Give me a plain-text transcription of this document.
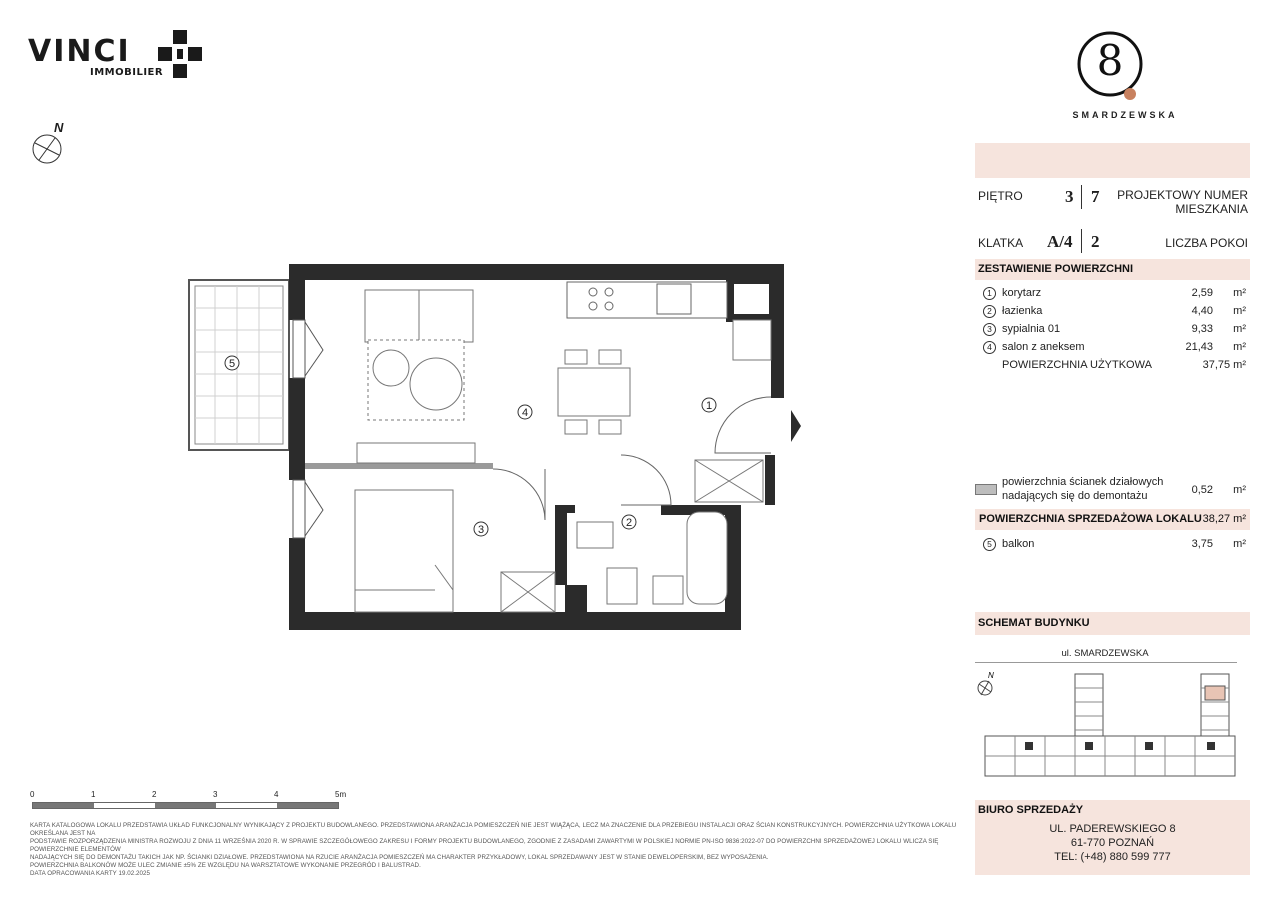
VINCI
IMMOBILIER	8
SMARDZEWSKA
N
1
2
3
4
5
0	1	2	3	4	5m
KARTA KATALOGOWA LOKALU PRZEDSTAWIA UKŁAD FUNKCJONALNY WYNIKAJĄCY Z PROJEKTU BUDOWLANEGO. PRZEDSTAWIONA ARANŻACJA POMIESZCZEŃ NIE JEST WIĄŻĄCA, LECZ MA ZNACZENIE DLA PRZEBIEGU INSTALACJI ORAZ ŚCIAN KONSTRUKCYJNYCH. POWIERZCHNIA UŻYTKOWA LOKALU OKREŚLANA JEST NA
PODSTAWIE ROZPORZĄDZENIA MINISTRA ROZWOJU Z DNIA 11 WRZEŚNIA 2020 R. W SPRAWIE SZCZEGÓŁOWEGO ZAKRESU I FORMY PROJEKTU BUDOWLANEGO, ZGODNIE Z ZASADAMI ZAWARTYMI W POLSKIEJ NORMIE PN-ISO 9836:2022-07 DO POWIERZCHNI SPRZEDAŻOWEJ LOKALU WLICZA SIĘ POWIERZCHNIE ELEMENTÓW
NADAJĄCYCH SIĘ DO DEMONTAŻU TAKICH JAK NP. ŚCIANKI DZIAŁOWE. PRZEDSTAWIONA NA RZUCIE ARANŻACJA POMIESZCZEŃ MA CHARAKTER PRZYKŁADOWY, LOKAL SPRZEDAWANY JEST W STANIE DEWELOPERSKIM, BEZ WYPOSAŻENIA.
POWIERZCHNIA BALKONÓW MOŻE ULEC ZMIANIE ±5% ZE WZGLĘDU NA WARSZTATOWE WYKONANIE PRZEGRÓD I BALUSTRAD.
DATA OPRACOWANIA KARTY 19.02.2025
PIĘTRO 3 7 PROJEKTOWY NUMER
MIESZKANIA
KLATKA A/4 2	LICZBA POKOI
ZESTAWIENIE POWIERZCHNI
1 korytarz	2,59 m²
2 łazienka	4,40 m²
3 sypialnia 01	9,33 m²
4 salon z aneksem	21,43 m²
POWIERZCHNIA UŻYTKOWA	37,75 m²
powierzchnia ścianek działowych
nadających się do demontażu	0,52 m²
POWIERZCHNIA SPRZEDAŻOWA LOKALU 38,27 m²
5 balkon	3,75 m²
SCHEMAT BUDYNKU
ul. SMARDZEWSKA
N
BIURO SPRZEDAŻY
UL. PADEREWSKIEGO 8
61-770 POZNAŃ
TEL: (+48) 880 599 777
